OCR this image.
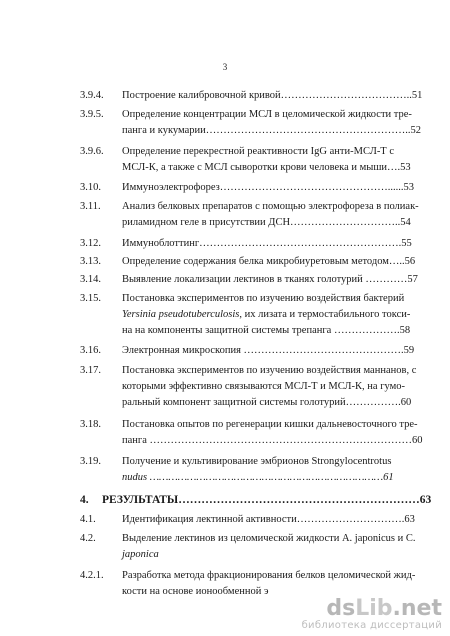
3
3.9.4. Построение калибровочной кривой………………………………..51
3.9.5. Определение концентрации МСЛ в целомической жидкости тре-
панга и кукумарии…………………………………………………..52
3.9.6. Определение перекрестной реактивности IgG анти-МСЛ-Т с
МСЛ-К, а также с МСЛ сыворотки крови человека и мыши….53
3.10. Иммуноэлектрофорез…………………………………………......53
3.11. Анализ белковых препаратов с помощью электрофореза в полиак-
риламидном геле в присутствии ДСН…………………………..54
3.12. Иммуноблоттинг………………………………………………….55
3.13. Определение содержания белка микробиуретовым методом…..56
3.14. Выявление локализации лектинов в тканях голотурий …………57
3.15. Постановка экспериментов по изучению воздействия бактерий
Yersinia pseudotuberculosis, их лизата и термостабильного токси-
на на компоненты защитной системы трепанга ……………….58
3.16. Электронная микроскопия ……………………………………….59
3.17. Постановка экспериментов по изучению воздействия маннанов, с
которыми эффективно связываются МСЛ-Т и МСЛ-К, на гумо-
ральный компонент защитной системы голотурий…………….60
3.18. Постановка опытов по регенерации кишки дальневосточного тре-
панга …………………………………………………………………60
3.19. Получение и культивирование эмбрионов Strongylocentrotus
nudus …………………………………………………………………61
4. РЕЗУЛЬТАТЫ………………………………………………………63
4.1.	Идентификация лектинной активности………………………….63
4.2.	Выделение лектинов из целомической жидкости A. japonicus и C.
japonica
4.2.1. Разработка метода фракционирования белков целомической жид-
кости на основе ионообменной э
dsLib.net
библиотека диссертаций
